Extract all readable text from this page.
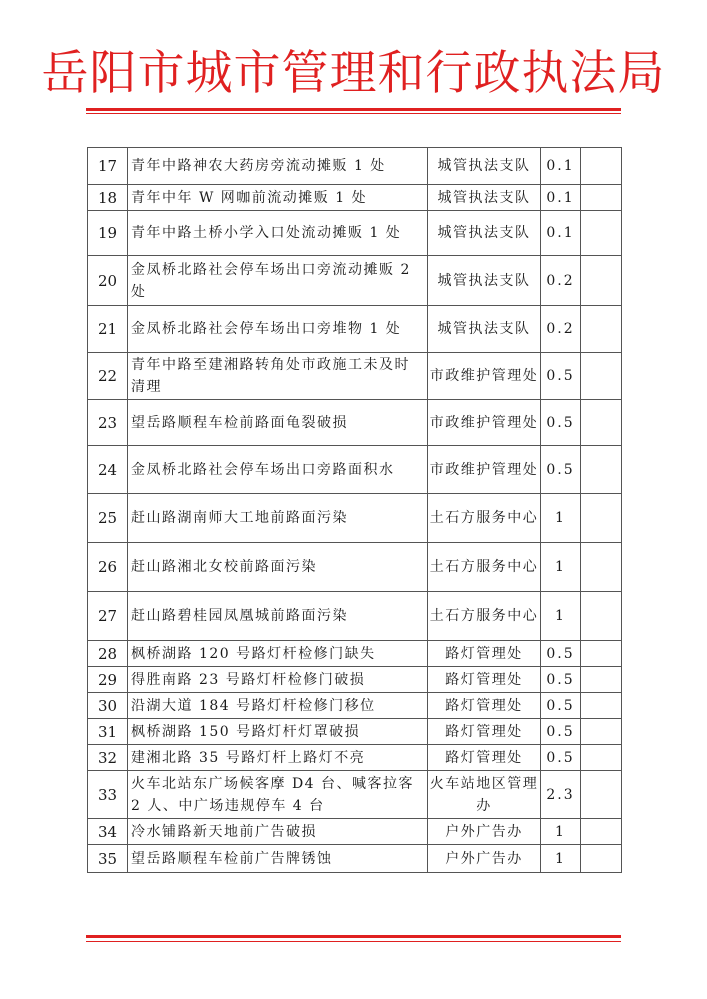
岳阳市城市管理和行政执法局
17	青年中路神农大药房旁流动摊贩 1 处	城管执法支队	0.1	
18	青年中年 W 网咖前流动摊贩 1 处	城管执法支队	0.1	
19	青年中路土桥小学入口处流动摊贩 1 处	城管执法支队	0.1	
20	金凤桥北路社会停车场出口旁流动摊贩 2 处	城管执法支队	0.2	
21	金凤桥北路社会停车场出口旁堆物 1 处	城管执法支队	0.2	
22	青年中路至建湘路转角处市政施工未及时清理	市政维护管理处	0.5	
23	望岳路顺程车检前路面龟裂破损	市政维护管理处	0.5	
24	金凤桥北路社会停车场出口旁路面积水	市政维护管理处	0.5	
25	赶山路湖南师大工地前路面污染	土石方服务中心	1	
26	赶山路湘北女校前路面污染	土石方服务中心	1	
27	赶山路碧桂园凤凰城前路面污染	土石方服务中心	1	
28	枫桥湖路 120 号路灯杆检修门缺失	路灯管理处	0.5	
29	得胜南路 23 号路灯杆检修门破损	路灯管理处	0.5	
30	沿湖大道 184 号路灯杆检修门移位	路灯管理处	0.5	
31	枫桥湖路 150 号路灯杆灯罩破损	路灯管理处	0.5	
32	建湘北路 35 号路灯杆上路灯不亮	路灯管理处	0.5	
33	火车北站东广场候客摩 D4 台、喊客拉客 2 人、中广场违规停车 4 台	火车站地区管理办	2.3	
34	冷水铺路新天地前广告破损	户外广告办	1	
35	望岳路顺程车检前广告牌锈蚀	户外广告办	1	
